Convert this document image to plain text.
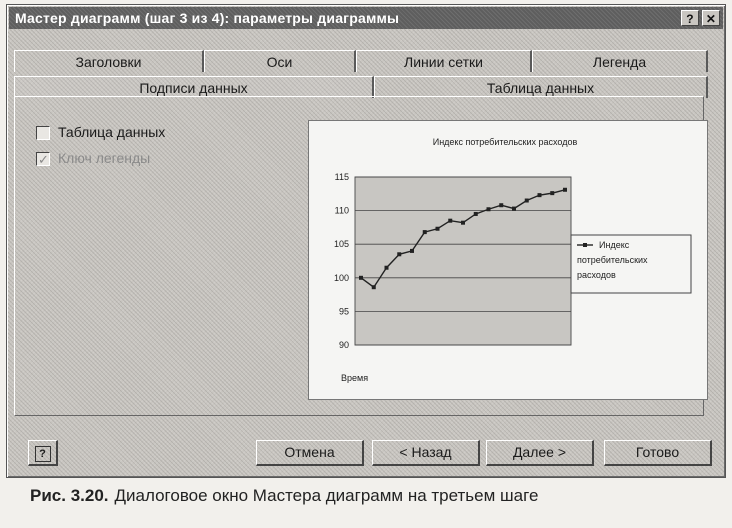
Мастер диаграмм (шаг 3 из 4): параметры диаграммы	?	✕
Заголовки	Оси	Линии сетки	Легенда
Подписи данных	Таблица данных
Таблица данных
✓Ключ легенды
Индекс потребительских расходов
90
95
100
105
110
115
Время
Индекс потребительских расходов
?	Отмена	< Назад	Далее >	Готово
Рис. 3.20. Диалоговое окно Мастера диаграмм на третьем шаге
